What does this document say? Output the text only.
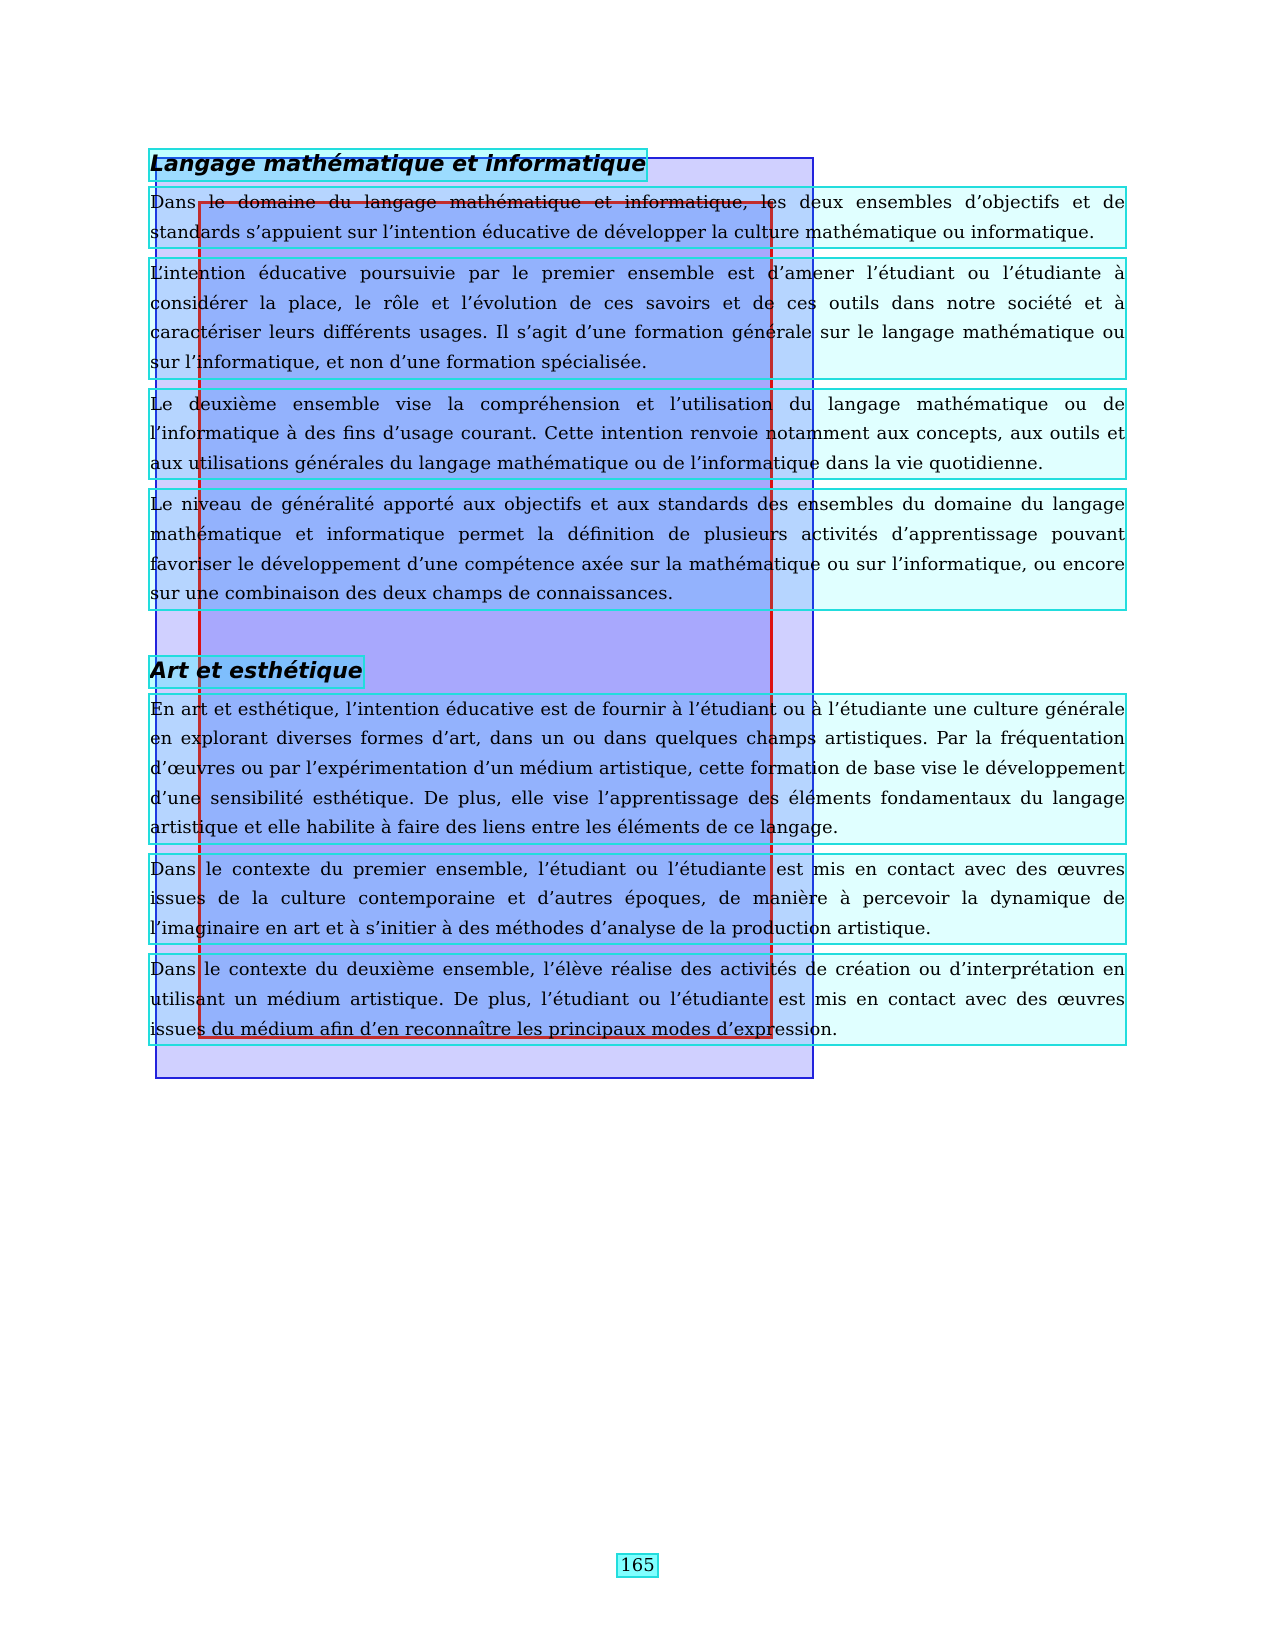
Langage mathématique et informatique

Dans le domaine du langage mathématique et informatique, les deux ensembles d’objectifs et de standards s’appuient sur l’intention éducative de développer la culture mathématique ou informatique.

L’intention éducative poursuivie par le premier ensemble est d’amener l’étudiant ou l’étudiante à considérer la place, le rôle et l’évolution de ces savoirs et de ces outils dans notre société et à caractériser leurs différents usages. Il s’agit d’une formation générale sur le langage mathématique ou sur l’informatique, et non d’une formation spécialisée.

Le deuxième ensemble vise la compréhension et l’utilisation du langage mathématique ou de l’informatique à des fins d’usage courant. Cette intention renvoie notamment aux concepts, aux outils et aux utilisations générales du langage mathématique ou de l’informatique dans la vie quotidienne.

Le niveau de généralité apporté aux objectifs et aux standards des ensembles du domaine du langage mathématique et informatique permet la définition de plusieurs activités d’apprentissage pouvant favoriser le développement d’une compétence axée sur la mathématique ou sur l’informatique, ou encore sur une combinaison des deux champs de connaissances.

Art et esthétique

En art et esthétique, l’intention éducative est de fournir à l’étudiant ou à l’étudiante une culture générale en explorant diverses formes d’art, dans un ou dans quelques champs artistiques. Par la fréquentation d’œuvres ou par l’expérimentation d’un médium artistique, cette formation de base vise le développement d’une sensibilité esthétique. De plus, elle vise l’apprentissage des éléments fondamentaux du langage artistique et elle habilite à faire des liens entre les éléments de ce langage.

Dans le contexte du premier ensemble, l’étudiant ou l’étudiante est mis en contact avec des œuvres issues de la culture contemporaine et d’autres époques, de manière à percevoir la dynamique de l’imaginaire en art et à s’initier à des méthodes d’analyse de la production artistique.

Dans le contexte du deuxième ensemble, l’élève réalise des activités de création ou d’interprétation en utilisant un médium artistique. De plus, l’étudiant ou l’étudiante est mis en contact avec des œuvres issues du médium afin d’en reconnaître les principaux modes d’expression.

165
